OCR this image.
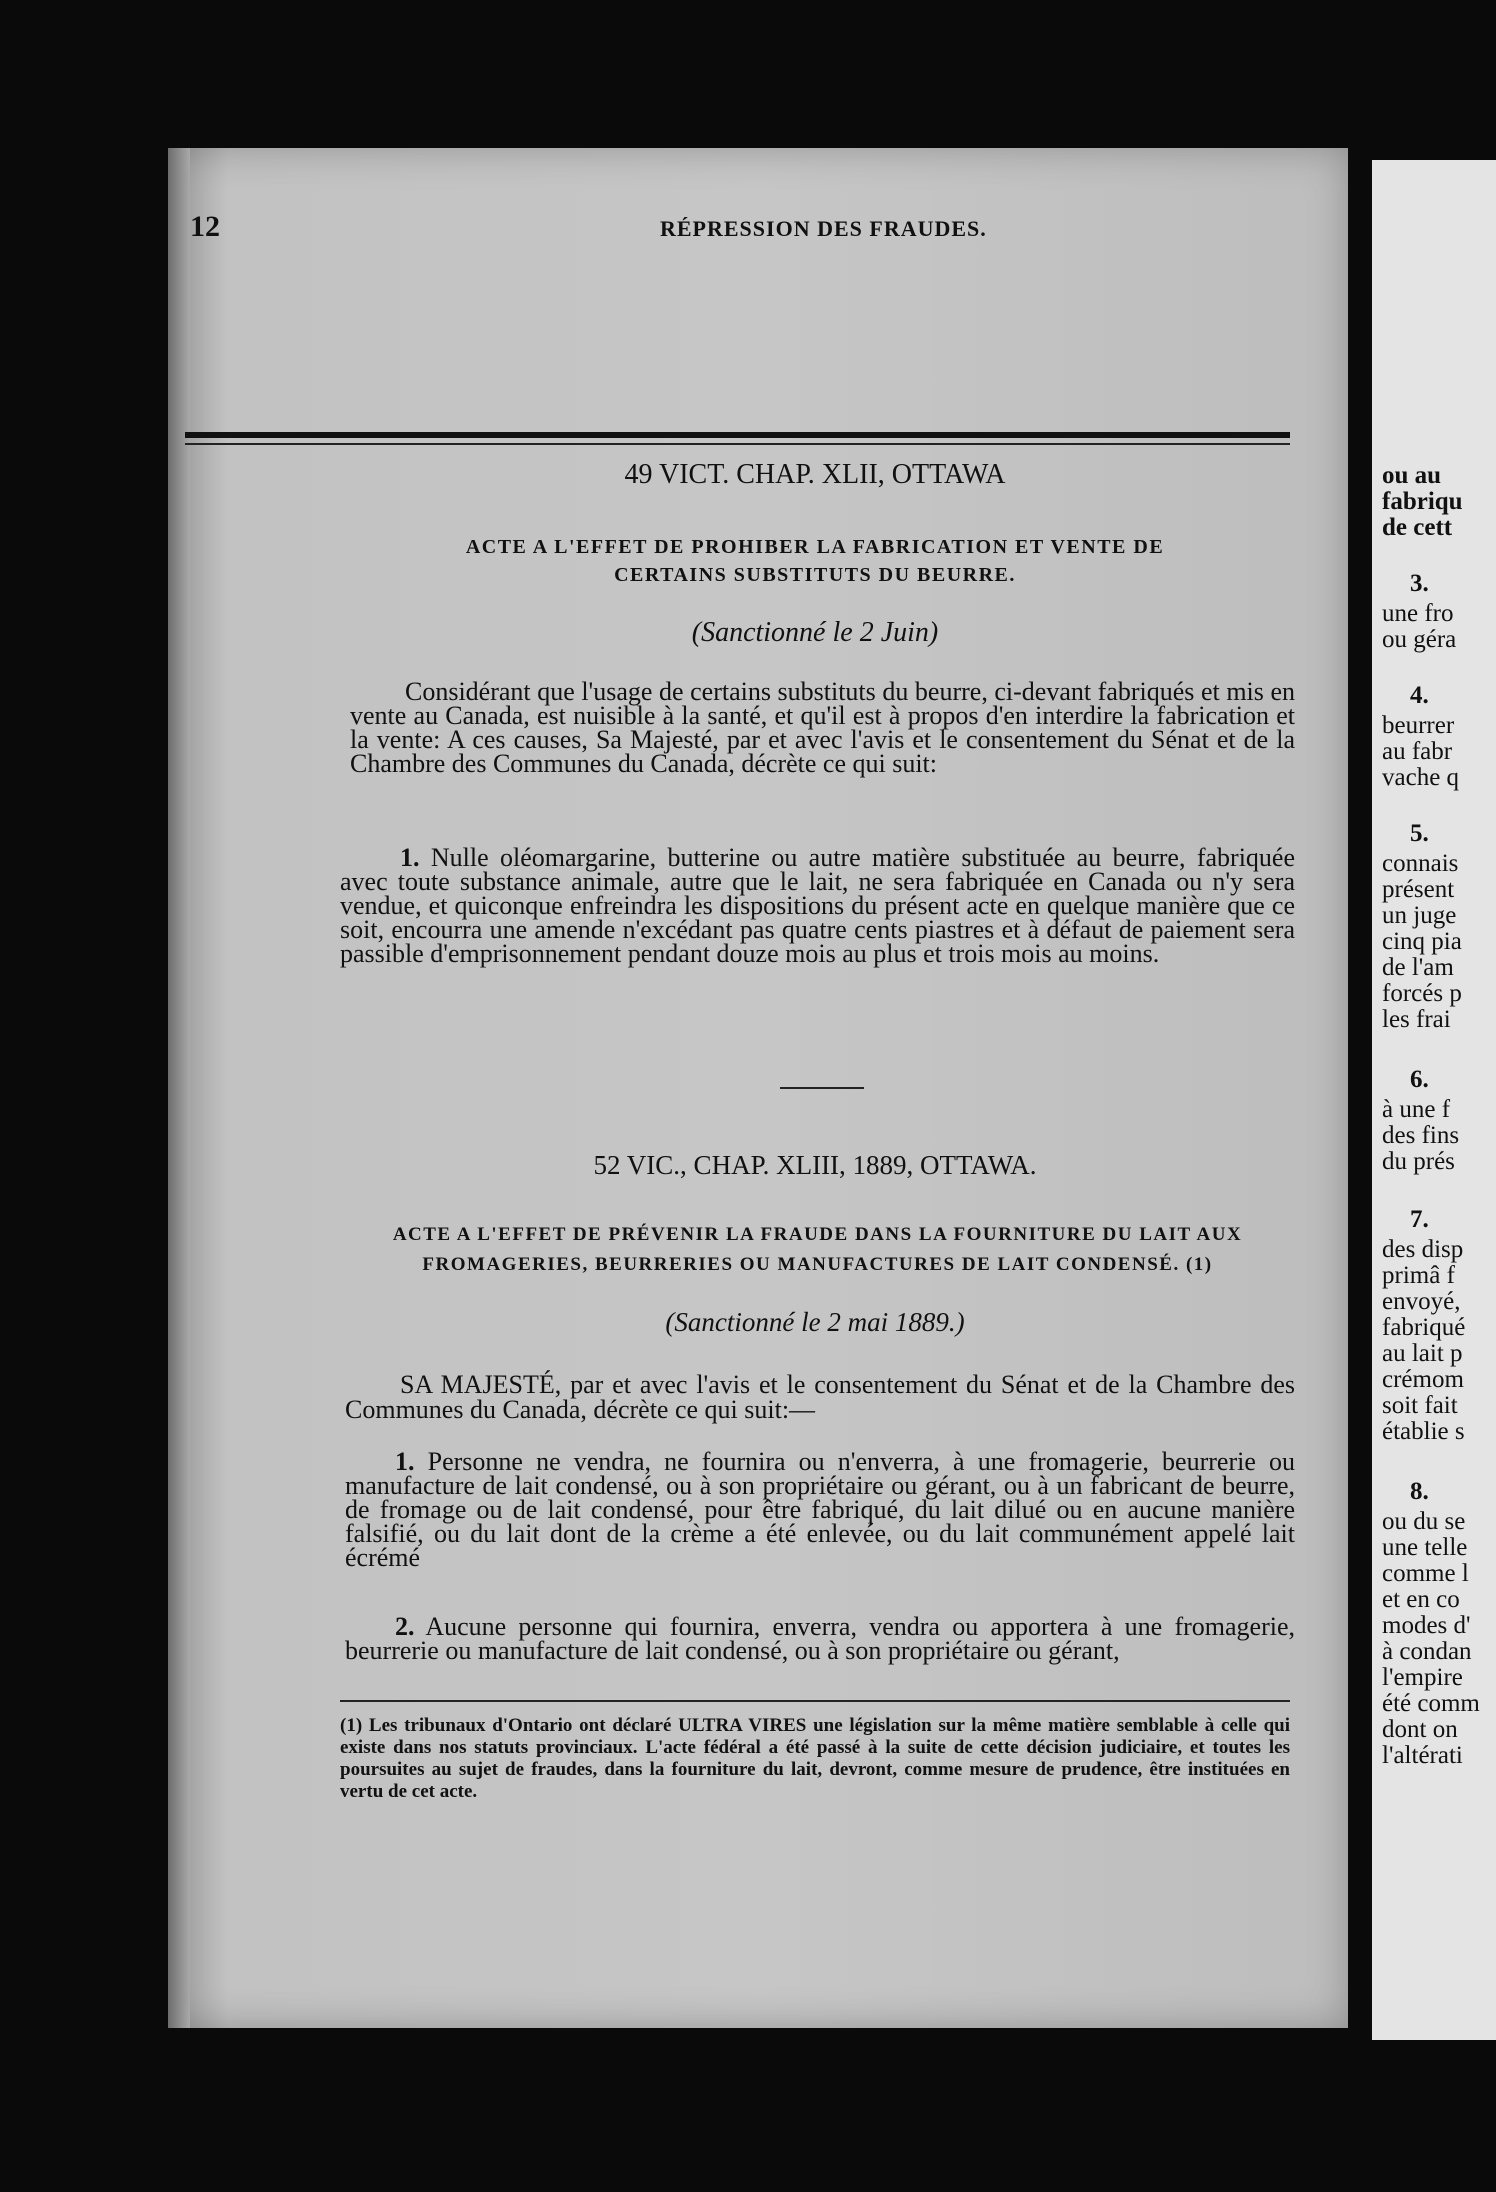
12	RÉPRESSION DES FRAUDES.
49 VICT. CHAP. XLII, OTTAWA
ACTE A L'EFFET DE PROHIBER LA FABRICATION ET VENTE DE
CERTAINS SUBSTITUTS DU BEURRE.
(Sanctionné le 2 Juin)
Considérant que l'usage de certains substituts du beurre, ci-devant fabriqués et mis en vente au Canada, est nuisible à la santé, et qu'il est à propos d'en interdire la fabrication et la vente: A ces causes, Sa Majesté, par et avec l'avis et le consentement du Sénat et de la Chambre des Communes du Canada, décrète ce qui suit:
1. Nulle oléomargarine, butterine ou autre matière substituée au beurre, fabriquée avec toute substance animale, autre que le lait, ne sera fabriquée en Canada ou n'y sera vendue, et quiconque enfreindra les dispositions du présent acte en quelque manière que ce soit, encourra une amende n'excédant pas quatre cents piastres et à défaut de paiement sera passible d'emprisonnement pendant douze mois au plus et trois mois au moins.
52 VIC., CHAP. XLIII, 1889, OTTAWA.
ACTE A L'EFFET DE PRÉVENIR LA FRAUDE DANS LA FOURNITURE DU LAIT AUX
FROMAGERIES, BEURRERIES OU MANUFACTURES DE LAIT CONDENSÉ. (1)
(Sanctionné le 2 mai 1889.)
SA MAJESTÉ, par et avec l'avis et le consentement du Sénat et de la Chambre des Communes du Canada, décrète ce qui suit:—
1. Personne ne vendra, ne fournira ou n'enverra, à une fromagerie, beurrerie ou manufacture de lait condensé, ou à son propriétaire ou gérant, ou à un fabricant de beurre, de fromage ou de lait condensé, pour être fabriqué, du lait dilué ou en aucune manière falsifié, ou du lait dont de la crème a été enlevée, ou du lait communément appelé lait écrémé
2. Aucune personne qui fournira, enverra, vendra ou apportera à une fromagerie, beurrerie ou manufacture de lait condensé, ou à son propriétaire ou gérant,
(1) Les tribunaux d'Ontario ont déclaré ULTRA VIRES une législation sur la même matière semblable à celle qui existe dans nos statuts provinciaux. L'acte fédéral a été passé à la suite de cette décision judiciaire, et toutes les poursuites au sujet de fraudes, dans la fourniture du lait, devront, comme mesure de prudence, être instituées en vertu de cet acte.
ou au
fabriqu
de cett
3.
une fro
ou géra
4.
beurrer
au fabr
vache q
5.
connais
présent
un juge
cinq pia
de l'am
forcés p
les frai
6.
à une f
des fins
du prés
7.
des disp
primâ f
envoyé,
fabriqué
au lait p
crémom
soit fait
établie s
8.
ou du se
une telle
comme l
et en co
modes d'
à condan
l'empire
été comm
dont on
l'altérati
